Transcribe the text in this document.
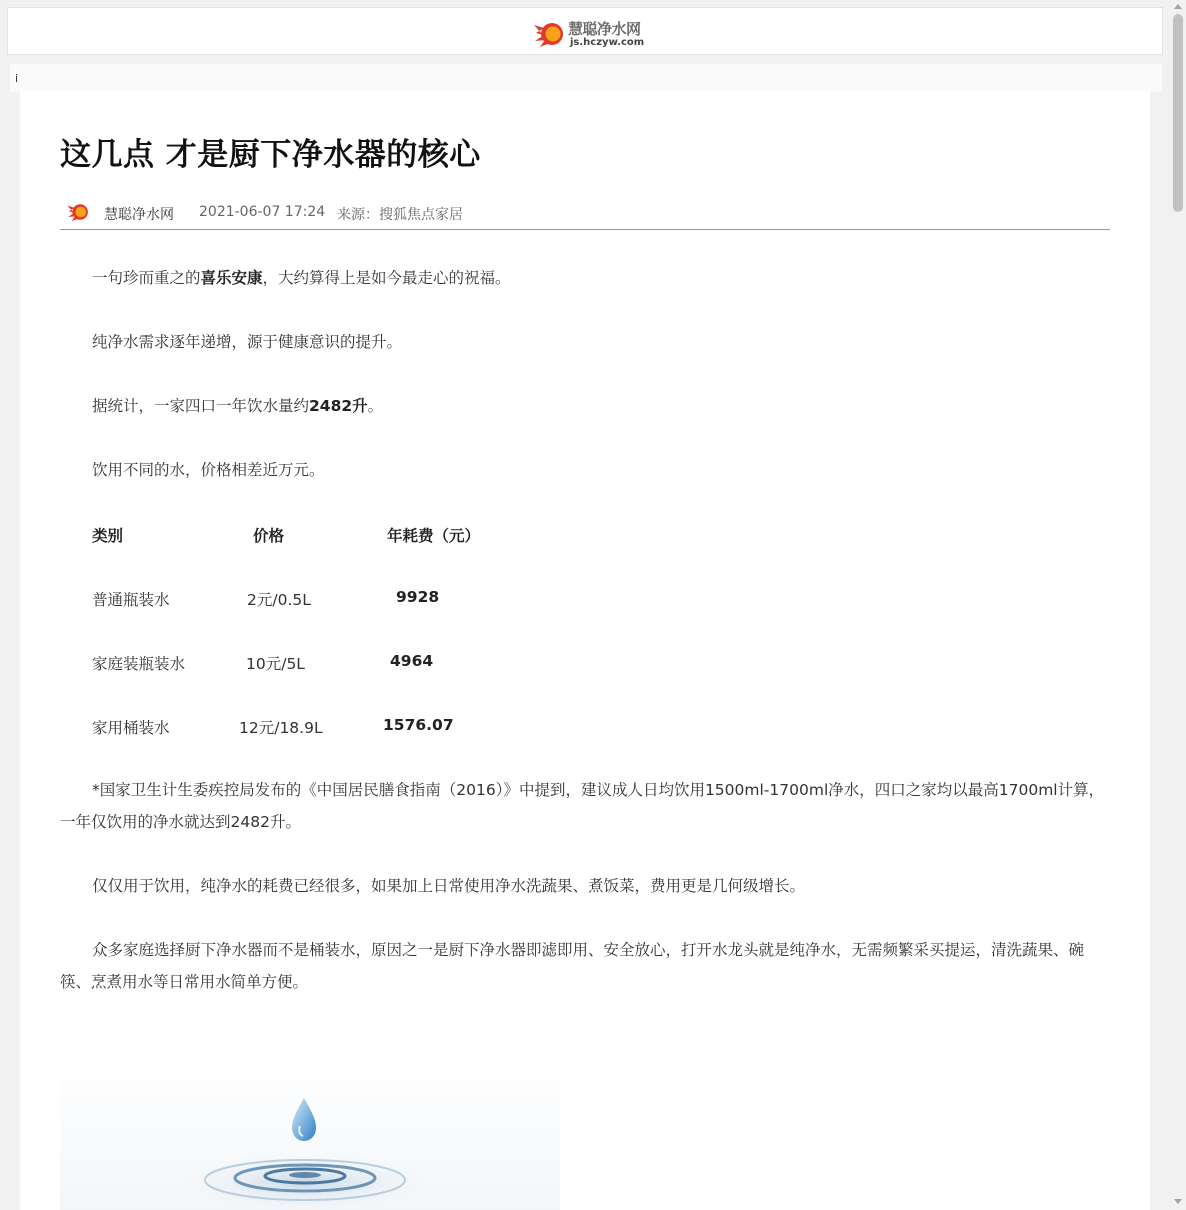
慧聪净水网
js.hczyw.com
i
这几点 才是厨下净水器的核心
慧聪净水网 2021-06-07 17:24 来源：搜狐焦点家居

一句珍而重之的喜乐安康，大约算得上是如今最走心的祝福。

纯净水需求逐年递增，源于健康意识的提升。

据统计，一家四口一年饮水量约2482升。

饮用不同的水，价格相差近万元。

类别	价格	年耗费（元）
普通瓶装水	2元/0.5L	9928
家庭装瓶装水	10元/5L	4964
家用桶装水	12元/18.9L	1576.07

*国家卫生计生委疾控局发布的《中国居民膳食指南（2016）》中提到，建议成人日均饮用1500ml-1700ml净水，四口之家均以最高1700ml计算，一年仅饮用的净水就达到2482升。

仅仅用于饮用，纯净水的耗费已经很多，如果加上日常使用净水洗蔬果、煮饭菜，费用更是几何级增长。

众多家庭选择厨下净水器而不是桶装水，原因之一是厨下净水器即滤即用、安全放心，打开水龙头就是纯净水，无需频繁采买提运，清洗蔬果、碗筷、烹煮用水等日常用水简单方便。
